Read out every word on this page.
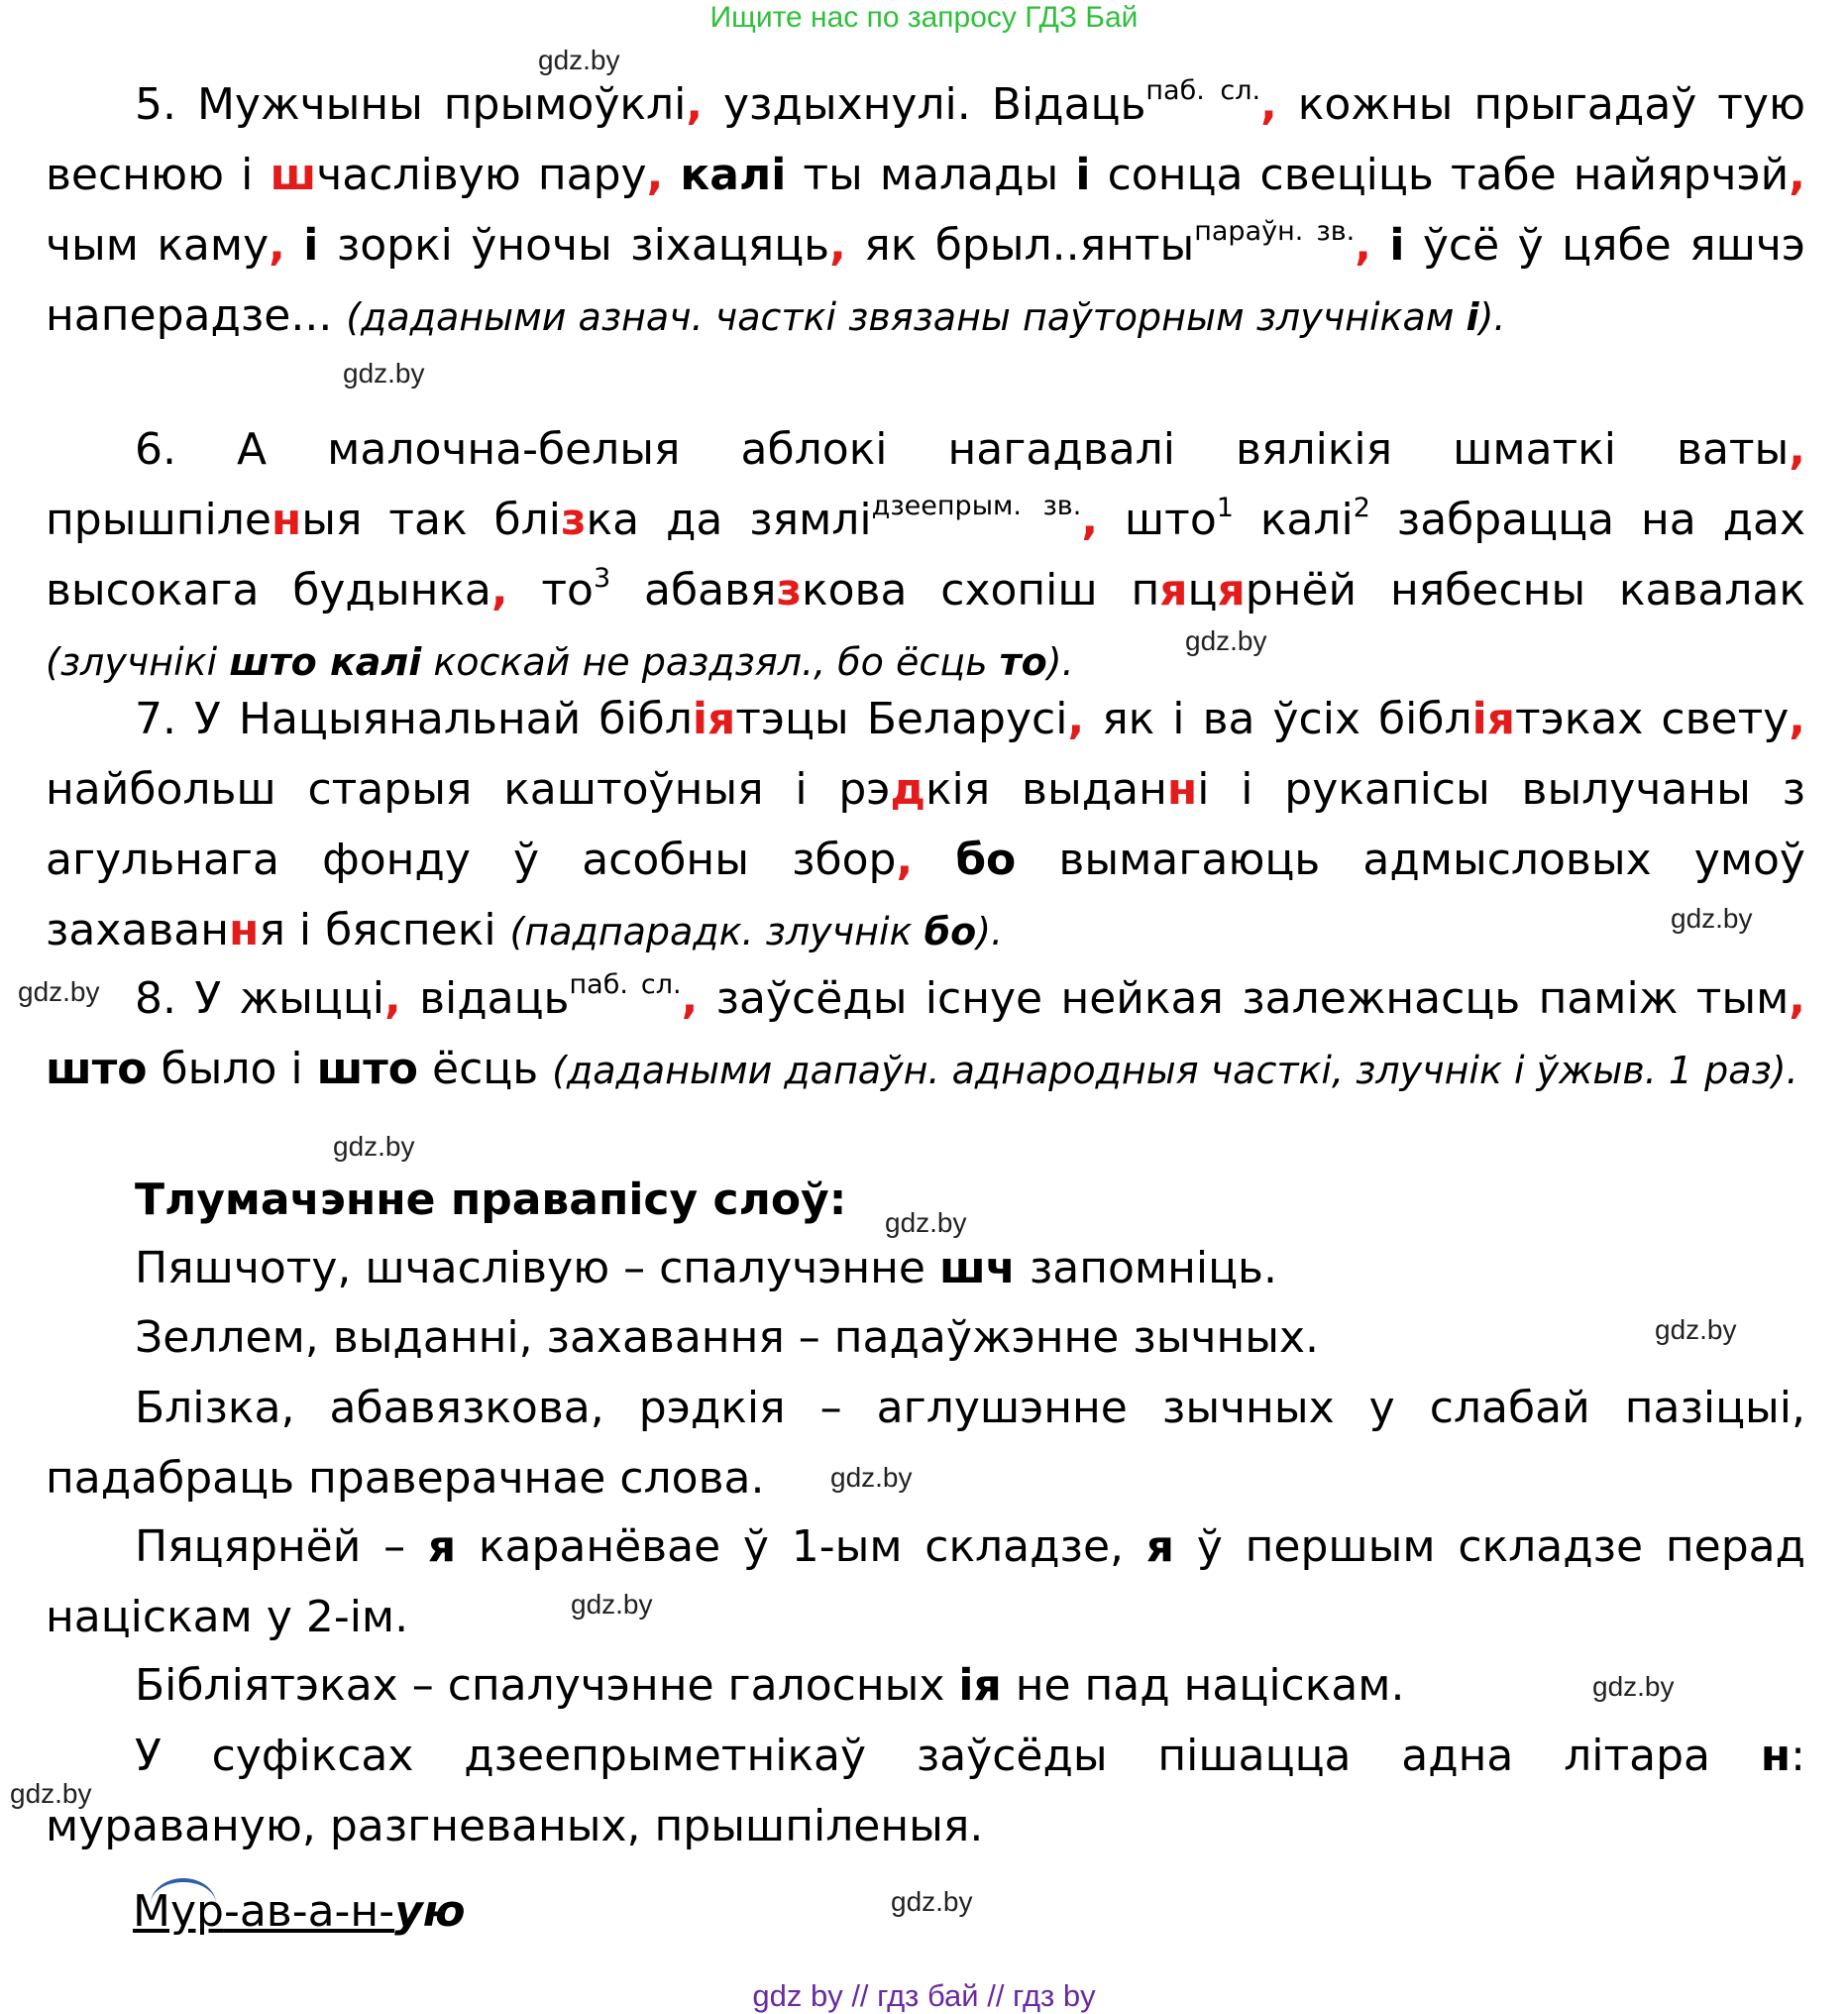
Ищите нас по запросу ГДЗ Бай
gdz.by
gdz.by
gdz.by
gdz.by
gdz.by
gdz.by
gdz.by
gdz.by
gdz.by
gdz.by
gdz.by
gdz.by
gdz.by
5. Мужчыны прымоўклі, уздыхнулі. Відаць$^{паб. сл.}$, кожны прыгадаў тую веснюю і шчаслівую пару, калі ты малады і сонца свеціць табе найярчэй, чым каму, і зоркі ўночы зіхацяць, як брыл..янты$^{параўн. зв.}$, і ўсё ў цябе яшчэ наперадзе... (дадаными азнач. часткі звязаны паўторным злучнікам і).
6. А малочна-белыя аблокі нагадвалі вялікія шматкі ваты, прышпіленыя так блізка да зямлі$^{дзеепрым. зв.}$, што$^1$ калі$^2$ забрацца на дах высокага будынка, $то^3$ абавязкова схопіш пяцярнёй нябесны кавалак (злучнікі што калі коскай не раздзял., бо ёсць то).
7. У Нацыянальнай бібліятэцы Беларусі, як і ва ўсіх бібліятэках свету, найбольш старыя каштоўныя і рэдкія выданні і рукапісы вылучаны з агульнага фонду ў асобны збор, бо вымагаюць адмысловых умоў захавання і бяспекі (падпарадк. злучнік бо).
8. У жыцці, відаць$^{паб. сл.}$, заўсёды існуе нейкая залежнасць паміж тым, што было і што ёсць (дадаными дапаўн. аднародныя часткі, злучнік і ўжыв. 1 раз).
Тлумачэнне правапісу слоў:
Пяшчоту, шчаслівую – спалучэнне шч запомніць.
Зеллем, выданні, захавання – падаўжэнне зычных.
Блізка, абавязкова, рэдкія – аглушэнне зычных у слабай пазіцыі, падабраць праверачнае слова.
Пяцярнёй – я каранёвае ў 1-ым складзе, я ў першым складзе перад націскам у 2-ім.
Бібліятэках – спалучэнне галосных ія не пад націскам.
У суфіксах дзеепрыметнікаў заўсёды пішацца адна літара н: мураваную, разгневаных, прышпіленыя.
Мур-ав-а-н-ую
gdz by // гдз бай // гдз by
